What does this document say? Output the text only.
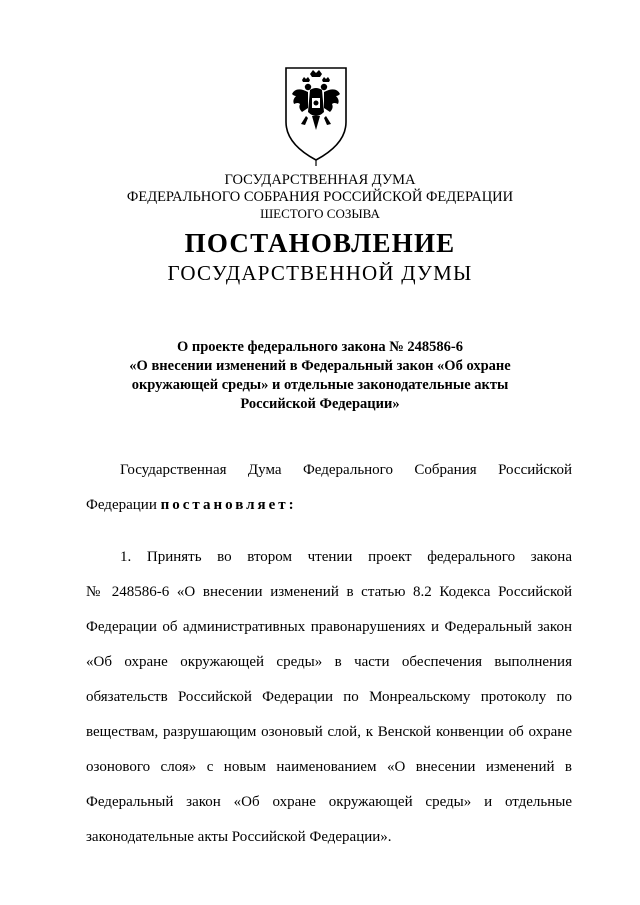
ГОСУДАРСТВЕННАЯ ДУМА
ФЕДЕРАЛЬНОГО СОБРАНИЯ РОССИЙСКОЙ ФЕДЕРАЦИИ
ШЕСТОГО СОЗЫВА
ПОСТАНОВЛЕНИЕ
ГОСУДАРСТВЕННОЙ ДУМЫ
О проекте федерального закона № 248586-6
«О внесении изменений в Федеральный закон «Об охране
окружающей среды» и отдельные законодательные акты
Российской Федерации»
Государственная Дума Федерального Собрания Российской
Федерации постановляет:
1. Принять во втором чтении проект федерального закона
№ 248586-6 «О внесении изменений в статью 8.2 Кодекса Российской
Федерации об административных правонарушениях и Федеральный закон
«Об охране окружающей среды» в части обеспечения выполнения
обязательств Российской Федерации по Монреальскому протоколу по
веществам, разрушающим озоновый слой, к Венской конвенции об охране
озонового слоя» с новым наименованием «О внесении изменений в
Федеральный закон «Об охране окружающей среды» и отдельные
законодательные акты Российской Федерации».
